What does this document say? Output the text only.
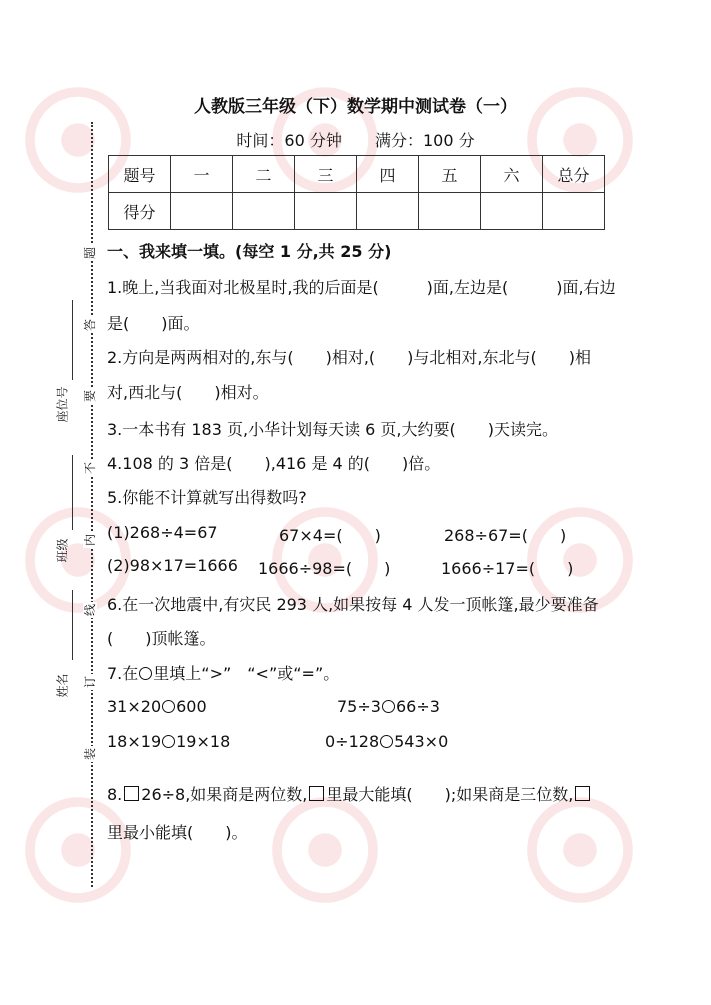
人教版三年级（下）数学期中测试卷（一）
时间：60 分钟 满分：100 分
题号	一	二	三	四	五	六	总分
得分							
题
答
要
不
内
线
订
装
座位号
班级
姓名
一、我来填一填。(每空 1 分,共 25 分)
1.晚上,当我面对北极星时,我的后面是(　　　)面,左边是(　　　)面,右边
是(　　)面。
2.方向是两两相对的,东与(　　)相对,(　　)与北相对,东北与(　　)相
对,西北与(　　)相对。
3.一本书有 183 页,小华计划每天读 6 页,大约要(　　)天读完。
4.108 的 3 倍是(　　),416 是 4 的(　　)倍。
5.你能不计算就写出得数吗?
(1)268÷4=67	67×4=(　　)	268÷67=(　　)
(2)98×17=1666 1666÷98=(　　)	1666÷17=(　　)
6.在一次地震中,有灾民 293 人,如果按每 4 人发一顶帐篷,最少要准备
(　　)顶帐篷。
7.在 里填上“>”　“<”或“=”。
31×20 600	75÷3 66÷3
18×19 19×18	0÷128 543×0
8. 26÷8,如果商是两位数, 里最大能填(　　);如果商是三位数,
里最小能填(　　)。
